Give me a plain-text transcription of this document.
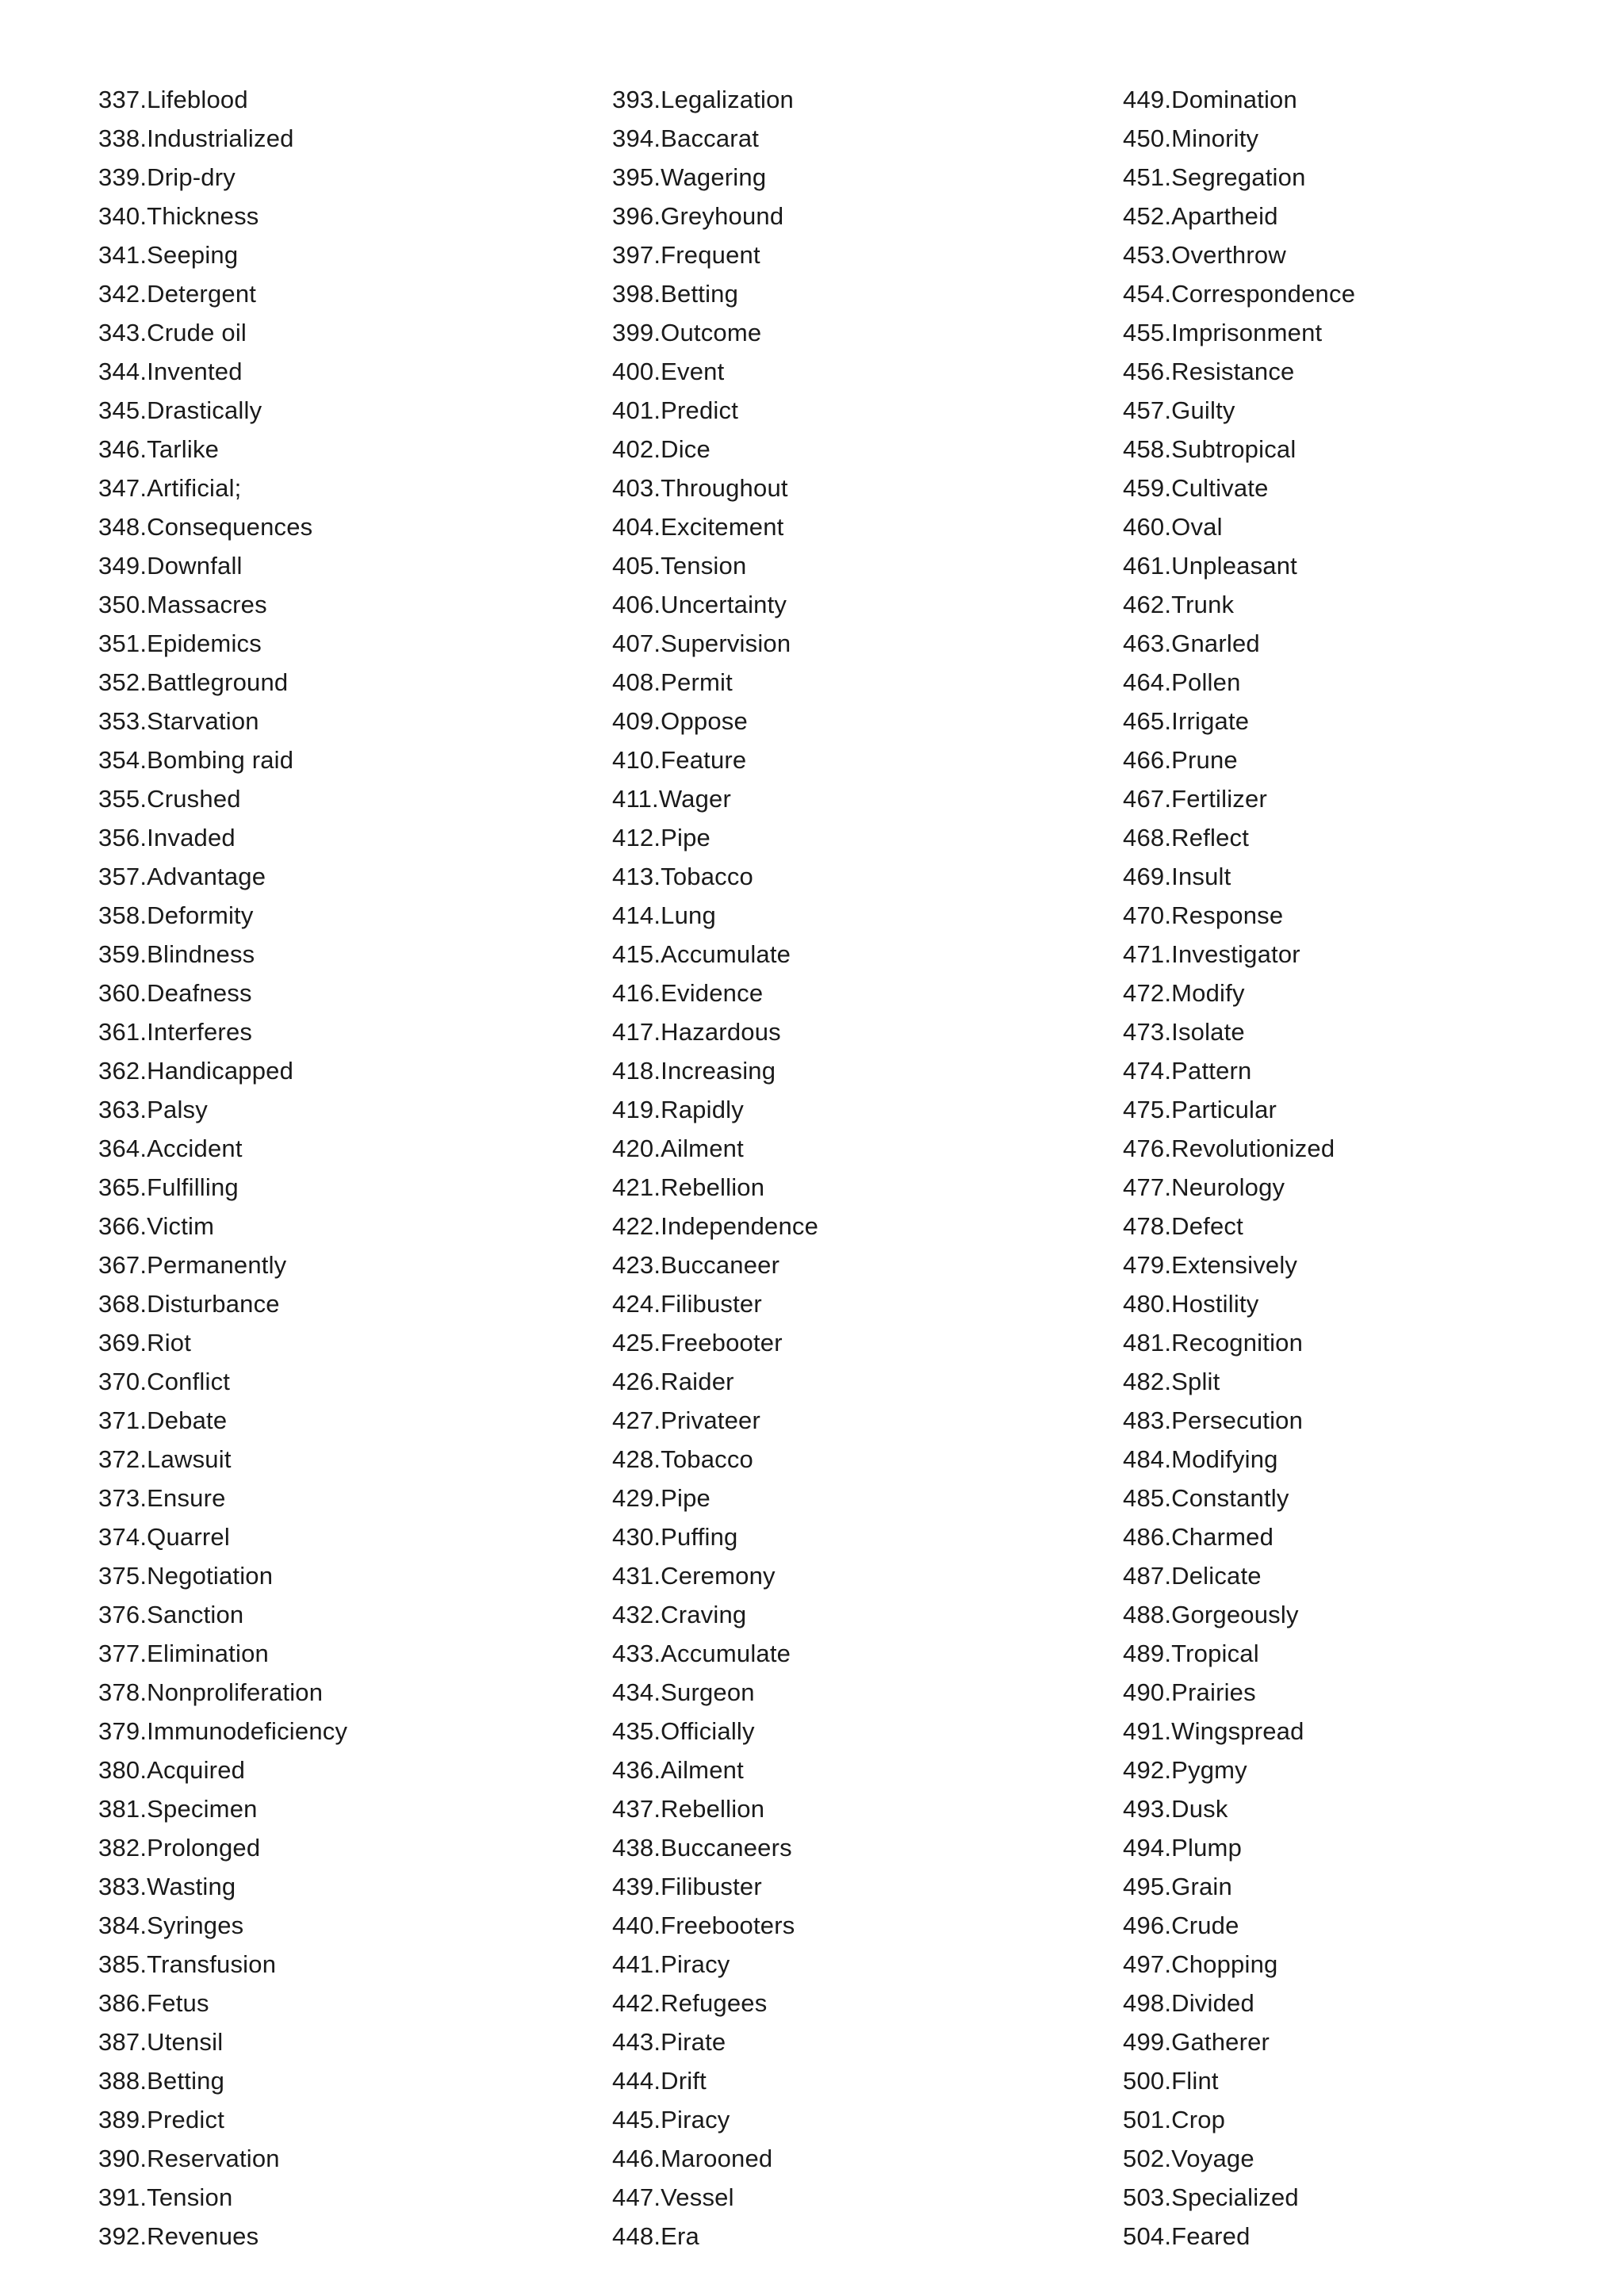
337.Lifeblood
338.Industrialized
339.Drip-dry
340.Thickness
341.Seeping
342.Detergent
343.Crude oil
344.Invented
345.Drastically
346.Tarlike
347.Artificial;
348.Consequences
349.Downfall
350.Massacres
351.Epidemics
352.Battleground
353.Starvation
354.Bombing raid
355.Crushed
356.Invaded
357.Advantage
358.Deformity
359.Blindness
360.Deafness
361.Interferes
362.Handicapped
363.Palsy
364.Accident
365.Fulfilling
366.Victim
367.Permanently
368.Disturbance
369.Riot
370.Conflict
371.Debate
372.Lawsuit
373.Ensure
374.Quarrel
375.Negotiation
376.Sanction
377.Elimination
378.Nonproliferation
379.Immunodeficiency
380.Acquired
381.Specimen
382.Prolonged
383.Wasting
384.Syringes
385.Transfusion
386.Fetus
387.Utensil
388.Betting
389.Predict
390.Reservation
391.Tension
392.Revenues
393.Legalization
394.Baccarat
395.Wagering
396.Greyhound
397.Frequent
398.Betting
399.Outcome
400.Event
401.Predict
402.Dice
403.Throughout
404.Excitement
405.Tension
406.Uncertainty
407.Supervision
408.Permit
409.Oppose
410.Feature
411.Wager
412.Pipe
413.Tobacco
414.Lung
415.Accumulate
416.Evidence
417.Hazardous
418.Increasing
419.Rapidly
420.Ailment
421.Rebellion
422.Independence
423.Buccaneer
424.Filibuster
425.Freebooter
426.Raider
427.Privateer
428.Tobacco
429.Pipe
430.Puffing
431.Ceremony
432.Craving
433.Accumulate
434.Surgeon
435.Officially
436.Ailment
437.Rebellion
438.Buccaneers
439.Filibuster
440.Freebooters
441.Piracy
442.Refugees
443.Pirate
444.Drift
445.Piracy
446.Marooned
447.Vessel
448.Era
449.Domination
450.Minority
451.Segregation
452.Apartheid
453.Overthrow
454.Correspondence
455.Imprisonment
456.Resistance
457.Guilty
458.Subtropical
459.Cultivate
460.Oval
461.Unpleasant
462.Trunk
463.Gnarled
464.Pollen
465.Irrigate
466.Prune
467.Fertilizer
468.Reflect
469.Insult
470.Response
471.Investigator
472.Modify
473.Isolate
474.Pattern
475.Particular
476.Revolutionized
477.Neurology
478.Defect
479.Extensively
480.Hostility
481.Recognition
482.Split
483.Persecution
484.Modifying
485.Constantly
486.Charmed
487.Delicate
488.Gorgeously
489.Tropical
490.Prairies
491.Wingspread
492.Pygmy
493.Dusk
494.Plump
495.Grain
496.Crude
497.Chopping
498.Divided
499.Gatherer
500.Flint
501.Crop
502.Voyage
503.Specialized
504.Feared
